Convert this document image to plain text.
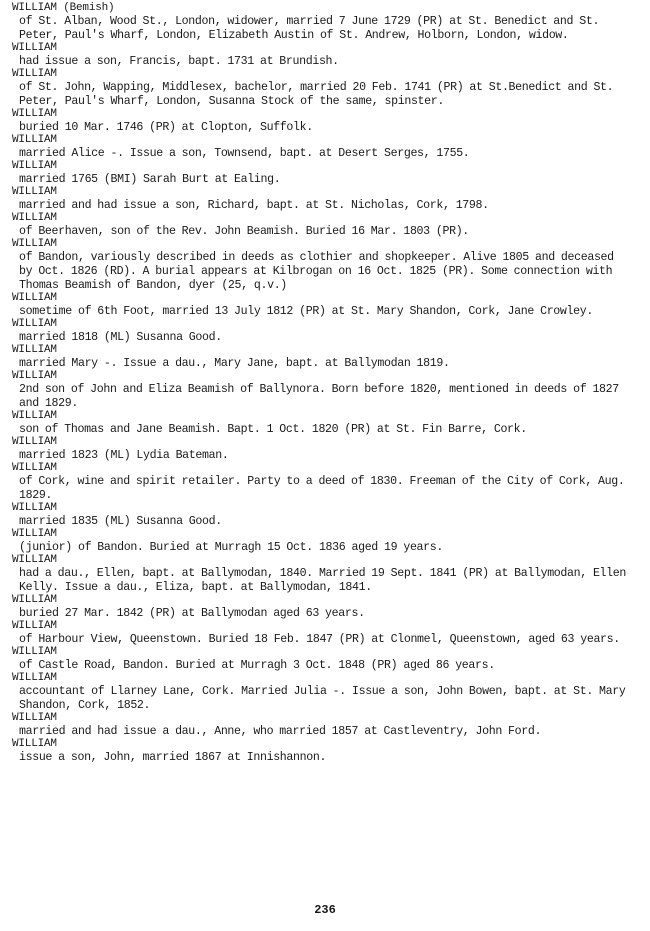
WILLIAM (Bemish)
of St. Alban, Wood St., London, widower, married 7 June 1729 (PR) at St. Benedict and St. Peter, Paul's Wharf, London, Elizabeth Austin of St. Andrew, Holborn, London, widow.
WILLIAM
had issue a son, Francis, bapt. 1731 at Brundish.
WILLIAM
of St. John, Wapping, Middlesex, bachelor, married 20 Feb. 1741 (PR) at St.Benedict and St. Peter, Paul's Wharf, London, Susanna Stock of the same, spinster.
WILLIAM
buried 10 Mar. 1746 (PR) at Clopton, Suffolk.
WILLIAM
married Alice -. Issue a son, Townsend, bapt. at Desert Serges, 1755.
WILLIAM
married 1765 (BMI) Sarah Burt at Ealing.
WILLIAM
married and had issue a son, Richard, bapt. at St. Nicholas, Cork, 1798.
WILLIAM
of Beerhaven, son of the Rev. John Beamish. Buried 16 Mar. 1803 (PR).
WILLIAM
of Bandon, variously described in deeds as clothier and shopkeeper. Alive 1805 and deceased by Oct. 1826 (RD). A burial appears at Kilbrogan on 16 Oct. 1825 (PR). Some connection with Thomas Beamish of Bandon, dyer (25, q.v.)
WILLIAM
sometime of 6th Foot, married 13 July 1812 (PR) at St. Mary Shandon, Cork, Jane Crowley.
WILLIAM
married 1818 (ML) Susanna Good.
WILLIAM
married Mary -. Issue a dau., Mary Jane, bapt. at Ballymodan 1819.
WILLIAM
2nd son of John and Eliza Beamish of Ballynora. Born before 1820, mentioned in deeds of 1827 and 1829.
WILLIAM
son of Thomas and Jane Beamish. Bapt. 1 Oct. 1820 (PR) at St. Fin Barre, Cork.
WILLIAM
married 1823 (ML) Lydia Bateman.
WILLIAM
of Cork, wine and spirit retailer. Party to a deed of 1830. Freeman of the City of Cork, Aug. 1829.
WILLIAM
married 1835 (ML) Susanna Good.
WILLIAM
(junior) of Bandon. Buried at Murragh 15 Oct. 1836 aged 19 years.
WILLIAM
had a dau., Ellen, bapt. at Ballymodan, 1840. Married 19 Sept. 1841 (PR) at Ballymodan, Ellen Kelly. Issue a dau., Eliza, bapt. at Ballymodan, 1841.
WILLIAM
buried 27 Mar. 1842 (PR) at Ballymodan aged 63 years.
WILLIAM
of Harbour View, Queenstown. Buried 18 Feb. 1847 (PR) at Clonmel, Queenstown, aged 63 years.
WILLIAM
of Castle Road, Bandon. Buried at Murragh 3 Oct. 1848 (PR) aged 86 years.
WILLIAM
accountant of Llarney Lane, Cork. Married Julia -. Issue a son, John Bowen, bapt. at St. Mary Shandon, Cork, 1852.
WILLIAM
married and had issue a dau., Anne, who married 1857 at Castleventry, John Ford.
WILLIAM
issue a son, John, married 1867 at Innishannon.
236
